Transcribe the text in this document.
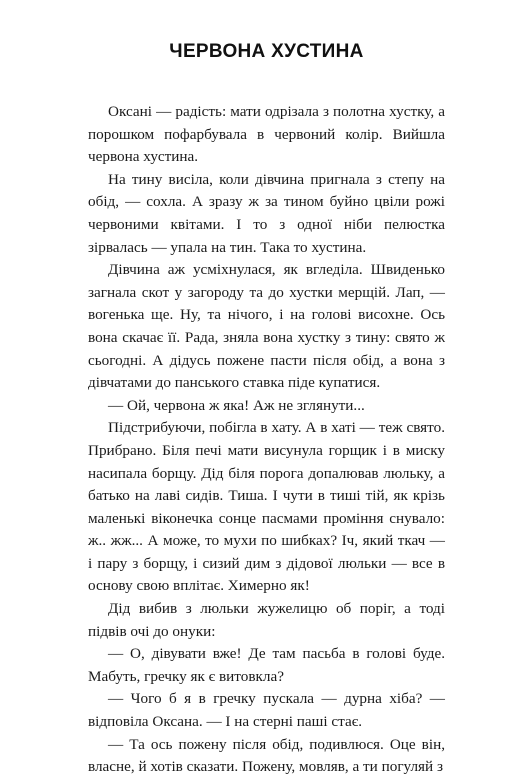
ЧЕРВОНА ХУСТИНА

Оксані — радість: мати одрізала з полотна хустку, а порошком пофарбувала в червоний колір. Вийшла червона хустина.

На тину висіла, коли дівчина пригнала з степу на обід, — сохла. А зразу ж за тином буйно цвіли рожі червоними квітами. І то з одної ніби пелюстка зірвалась — упала на тин. Така то хустина.

Дівчина аж усміхнулася, як вгледіла. Швиденько загнала скот у загороду та до хустки мерщій. Лап, — вогенька ще. Ну, та нічого, і на голові висохне. Ось вона скачає її. Рада, зняла вона хустку з тину: свято ж сьогодні. А дідусь пожене пасти після обід, а вона з дівчатами до панського ставка піде купатися.

— Ой, червона ж яка! Аж не зглянути...

Підстрибуючи, побігла в хату. А в хаті — теж свято. Прибрано. Біля печі мати висунула горщик і в миску насипала борщу. Дід біля порога допалював люльку, а батько на лаві сидів. Тиша. І чути в тиші тій, як крізь маленькі віконечка сонце пасмами проміння снувало: ж.. жж... А може, то мухи по шибках? Іч, який ткач — і пару з борщу, і сизий дим з дідової люльки — все в основу свою вплітає. Химерно як!

Дід вибив з люльки жужелицю об поріг, а тоді підвів очі до онуки:

— О, дівувати вже! Де там пасьба в голові буде. Мабуть, гречку як є витовкла?

— Чого б я в гречку пускала — дурна хіба? — відповіла Оксана. — І на стерні паші стає.

— Та ось пожену після обід, подивлюся. Оце він, власне, й хотів сказати. Пожену, мовляв, а ти погуляй з
